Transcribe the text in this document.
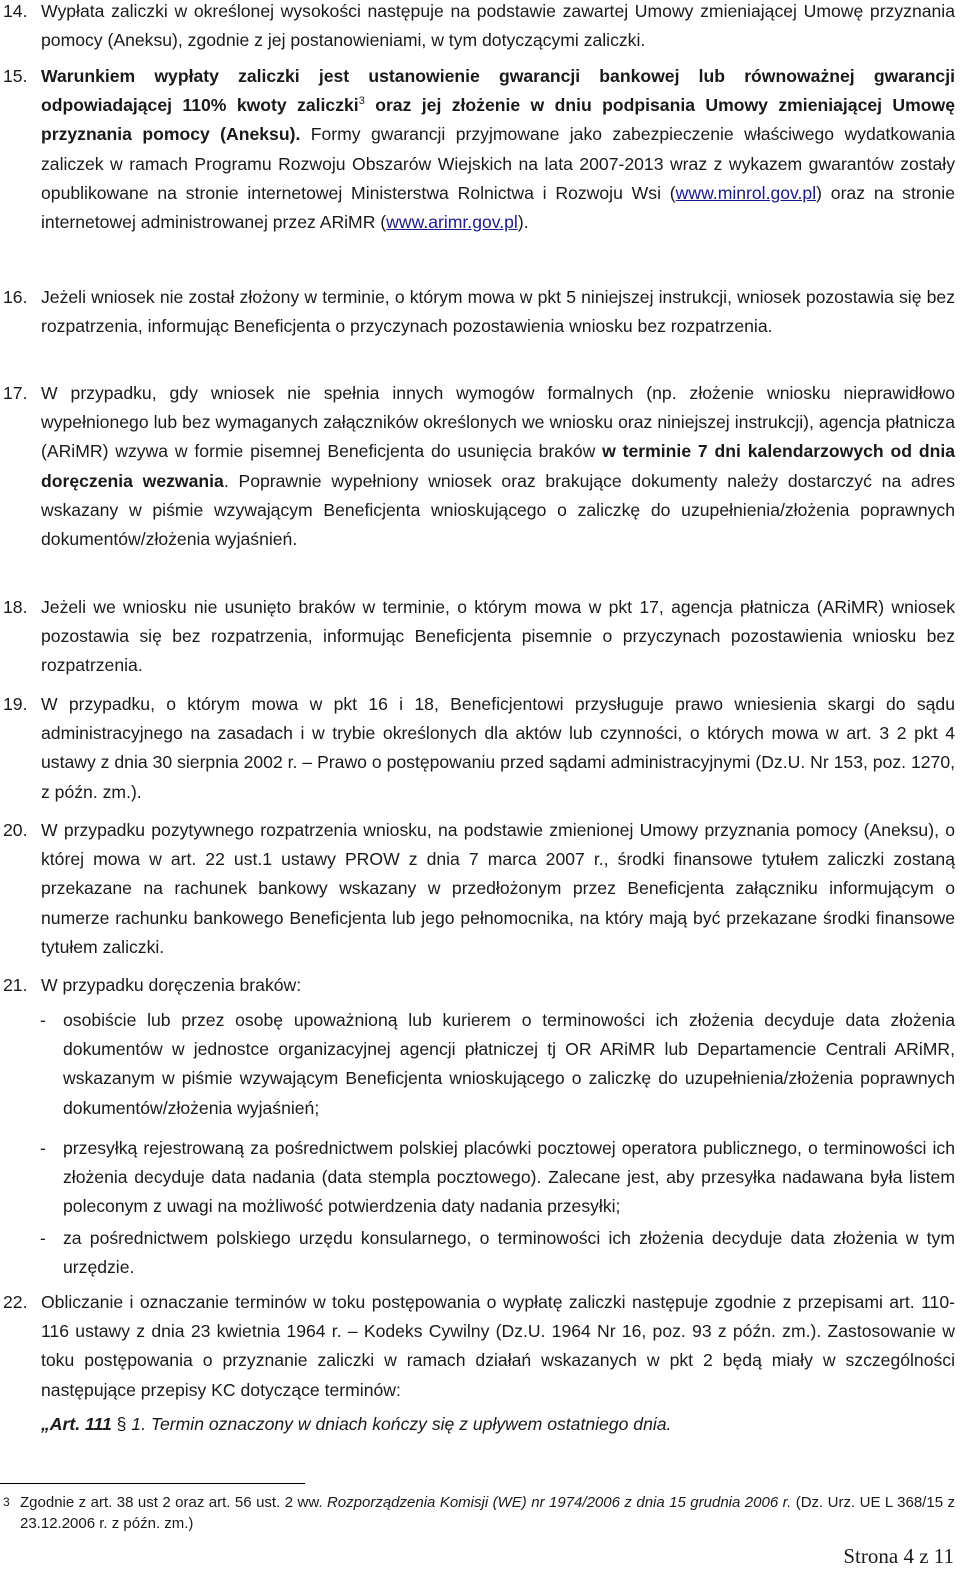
14. Wypłata zaliczki w określonej wysokości następuje na podstawie zawartej Umowy zmieniającej Umowę przyznania pomocy (Aneksu), zgodnie z jej postanowieniami, w tym dotyczącymi zaliczki.
15. Warunkiem wypłaty zaliczki jest ustanowienie gwarancji bankowej lub równoważnej gwarancji odpowiadającej 110% kwoty zaliczki$^3$ oraz jej złożenie w dniu podpisania Umowy zmieniającej Umowę przyznania pomocy (Aneksu). Formy gwarancji przyjmowane jako zabezpieczenie właściwego wydatkowania zaliczek w ramach Programu Rozwoju Obszarów Wiejskich na lata 2007-2013 wraz z wykazem gwarantów zostały opublikowane na stronie internetowej Ministerstwa Rolnictwa i Rozwoju Wsi (www.minrol.gov.pl) oraz na stronie internetowej administrowanej przez ARiMR (www.arimr.gov.pl).
16. Jeżeli wniosek nie został złożony w terminie, o którym mowa w pkt 5 niniejszej instrukcji, wniosek pozostawia się bez rozpatrzenia, informując Beneficjenta o przyczynach pozostawienia wniosku bez rozpatrzenia.
17. W przypadku, gdy wniosek nie spełnia innych wymogów formalnych (np. złożenie wniosku nieprawidłowo wypełnionego lub bez wymaganych załączników określonych we wniosku oraz niniejszej instrukcji), agencja płatnicza (ARiMR) wzywa w formie pisemnej Beneficjenta do usunięcia braków w terminie 7 dni kalendarzowych od dnia doręczenia wezwania. Poprawnie wypełniony wniosek oraz brakujące dokumenty należy dostarczyć na adres wskazany w piśmie wzywającym Beneficjenta wnioskującego o zaliczkę do uzupełnienia/złożenia poprawnych dokumentów/złożenia wyjaśnień.
18. Jeżeli we wniosku nie usunięto braków w terminie, o którym mowa w pkt 17, agencja płatnicza (ARiMR) wniosek pozostawia się bez rozpatrzenia, informując Beneficjenta pisemnie o przyczynach pozostawienia wniosku bez rozpatrzenia.
19. W przypadku, o którym mowa w pkt 16 i 18, Beneficjentowi przysługuje prawo wniesienia skargi do sądu administracyjnego na zasadach i w trybie określonych dla aktów lub czynności, o których mowa w art. 3 2 pkt 4 ustawy z dnia 30 sierpnia 2002 r. – Prawo o postępowaniu przed sądami administracyjnymi (Dz.U. Nr 153, poz. 1270, z późn. zm.).
20. W przypadku pozytywnego rozpatrzenia wniosku, na podstawie zmienionej Umowy przyznania pomocy (Aneksu), o której mowa w art. 22 ust.1 ustawy PROW z dnia 7 marca 2007 r., środki finansowe tytułem zaliczki zostaną przekazane na rachunek bankowy wskazany w przedłożonym przez Beneficjenta załączniku informującym o numerze rachunku bankowego Beneficjenta lub jego pełnomocnika, na który mają być przekazane środki finansowe tytułem zaliczki.
21. W przypadku doręczenia braków:
- osobiście lub przez osobę upoważnioną lub kurierem o terminowości ich złożenia decyduje data złożenia dokumentów w jednostce organizacyjnej agencji płatniczej tj OR ARiMR lub Departamencie Centrali ARiMR, wskazanym w piśmie wzywającym Beneficjenta wnioskującego o zaliczkę do uzupełnienia/złożenia poprawnych dokumentów/złożenia wyjaśnień;
- przesyłką rejestrowaną za pośrednictwem polskiej placówki pocztowej operatora publicznego, o terminowości ich złożenia decyduje data nadania (data stempla pocztowego). Zalecane jest, aby przesyłka nadawana była listem poleconym z uwagi na możliwość potwierdzenia daty nadania przesyłki;
- za pośrednictwem polskiego urzędu konsularnego, o terminowości ich złożenia decyduje data złożenia w tym urzędzie.
22. Obliczanie i oznaczanie terminów w toku postępowania o wypłatę zaliczki następuje zgodnie z przepisami art. 110-116 ustawy z dnia 23 kwietnia 1964 r. – Kodeks Cywilny (Dz.U. 1964 Nr 16, poz. 93 z późn. zm.). Zastosowanie w toku postępowania o przyznanie zaliczki w ramach działań wskazanych w pkt 2 będą miały w szczególności następujące przepisy KC dotyczące terminów:
„Art. 111 § 1. Termin oznaczony w dniach kończy się z upływem ostatniego dnia.
3 Zgodnie z art. 38 ust 2 oraz art. 56 ust. 2 ww. Rozporządzenia Komisji (WE) nr 1974/2006 z dnia 15 grudnia 2006 r. (Dz. Urz. UE L 368/15 z 23.12.2006 r. z późn. zm.)
Strona 4 z 11
